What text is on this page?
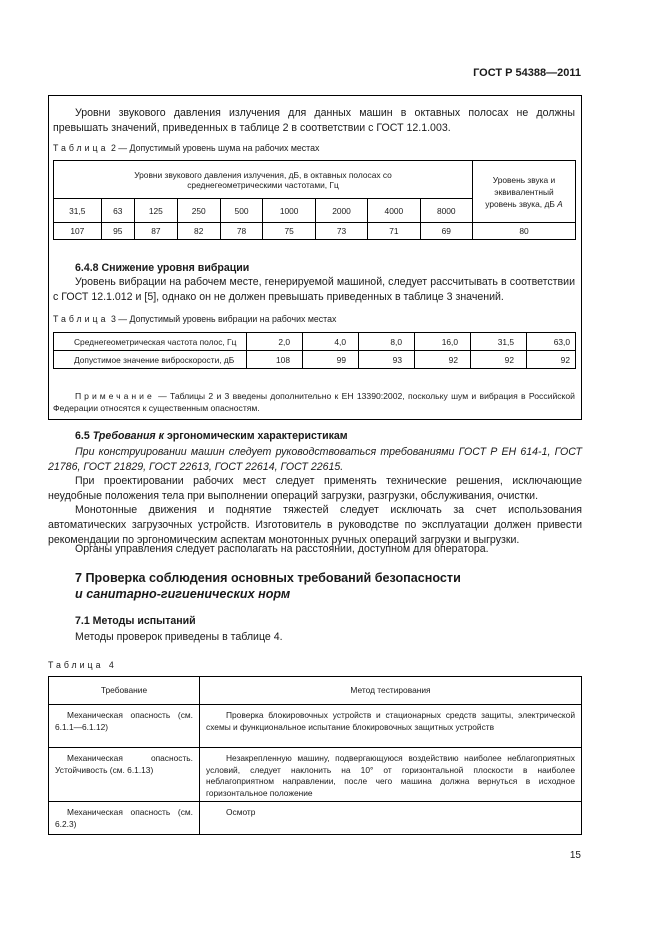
ГОСТ Р 54388—2011
Уровни звукового давления излучения для данных машин в октавных полосах не должны превышать значений, приведенных в таблице 2 в соответствии с ГОСТ 12.1.003.
Таблица 2 — Допустимый уровень шума на рабочих местах
Уровни звукового давления излучения, дБ, в октавных полосах со среднегеометрическими частотами, Гц									Уровень звука и
эквивалентный
уровень звука, дБ A
31,5	63	125	250	500	1000	2000	4000	8000	
107	95	87	82	78	75	73	71	69	80
6.4.8 Снижение уровня вибрации
Уровень вибрации на рабочем месте, генерируемой машиной, следует рассчитывать в соответствии с ГОСТ 12.1.012 и [5], однако он не должен превышать приведенных в таблице 3 значений.
Таблица 3 — Допустимый уровень вибрации на рабочих местах
Среднегеометрическая частота полос, Гц	2,0	4,0	8,0	16,0	31,5	63,0
Допустимое значение виброскорости, дБ	108	99	93	92	92	92
Примечание — Таблицы 2 и 3 введены дополнительно к ЕН 13390:2002, поскольку шум и вибрация в Российской Федерации относятся к существенным опасностям.
6.5 Требования к эргономическим характеристикам
При конструировании машин следует руководствоваться требованиями ГОСТ Р ЕН 614-1, ГОСТ 21786, ГОСТ 21829, ГОСТ 22613, ГОСТ 22614, ГОСТ 22615.
При проектировании рабочих мест следует применять технические решения, исключающие неудобные положения тела при выполнении операций загрузки, разгрузки, обслуживания, очистки.
Монотонные движения и поднятие тяжестей следует исключать за счет использования автоматических загрузочных устройств. Изготовитель в руководстве по эксплуатации должен привести рекомендации по эргономическим аспектам монотонных ручных операций загрузки и выгрузки.
Органы управления следует располагать на расстоянии, доступном для оператора.
7 Проверка соблюдения основных требований безопасности
и санитарно-гигиенических норм
7.1 Методы испытаний
Методы проверок приведены в таблице 4.
Таблица 4
Требование	Метод тестирования
Механическая опасность (см. 6.1.1—6.1.12)	Проверка блокировочных устройств и стационарных средств защиты, электрической схемы и функциональное испытание блокировочных защитных устройств
Механическая опасность. Устойчивость (см. 6.1.13)	Незакрепленную машину, подвергающуюся воздействию наиболее неблагоприятных условий, следует наклонить на 10° от горизонтальной плоскости в наиболее неблагоприятном направлении, после чего машина должна вернуться в исходное горизонтальное положение
Механическая опасность (см. 6.2.3)	Осмотр
15
